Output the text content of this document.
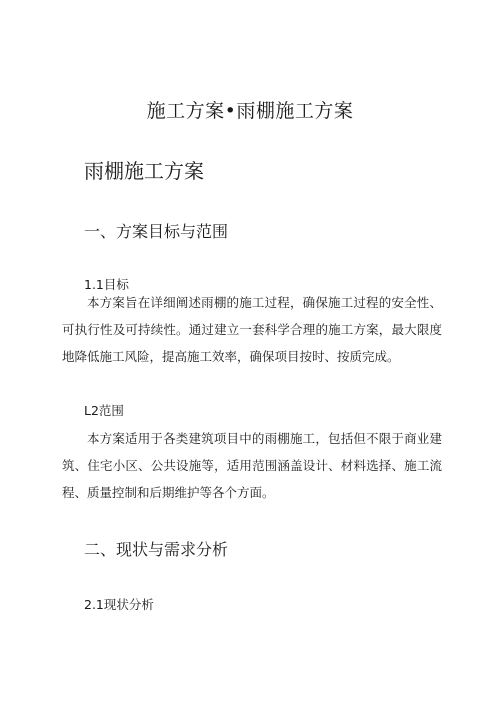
施工方案•雨棚施工方案
雨棚施工方案
一、方案目标与范围
1.1目标

本方案旨在详细阐述雨棚的施工过程，确保施工过程的安全性、可执行性及可持续性。通过建立一套科学合理的施工方案，最大限度地降低施工风险，提高施工效率，确保项目按时、按质完成。

L2范围

本方案适用于各类建筑项目中的雨棚施工，包括但不限于商业建筑、住宅小区、公共设施等，适用范围涵盖设计、材料选择、施工流程、质量控制和后期维护等各个方面。

二、现状与需求分析
2.1现状分析
